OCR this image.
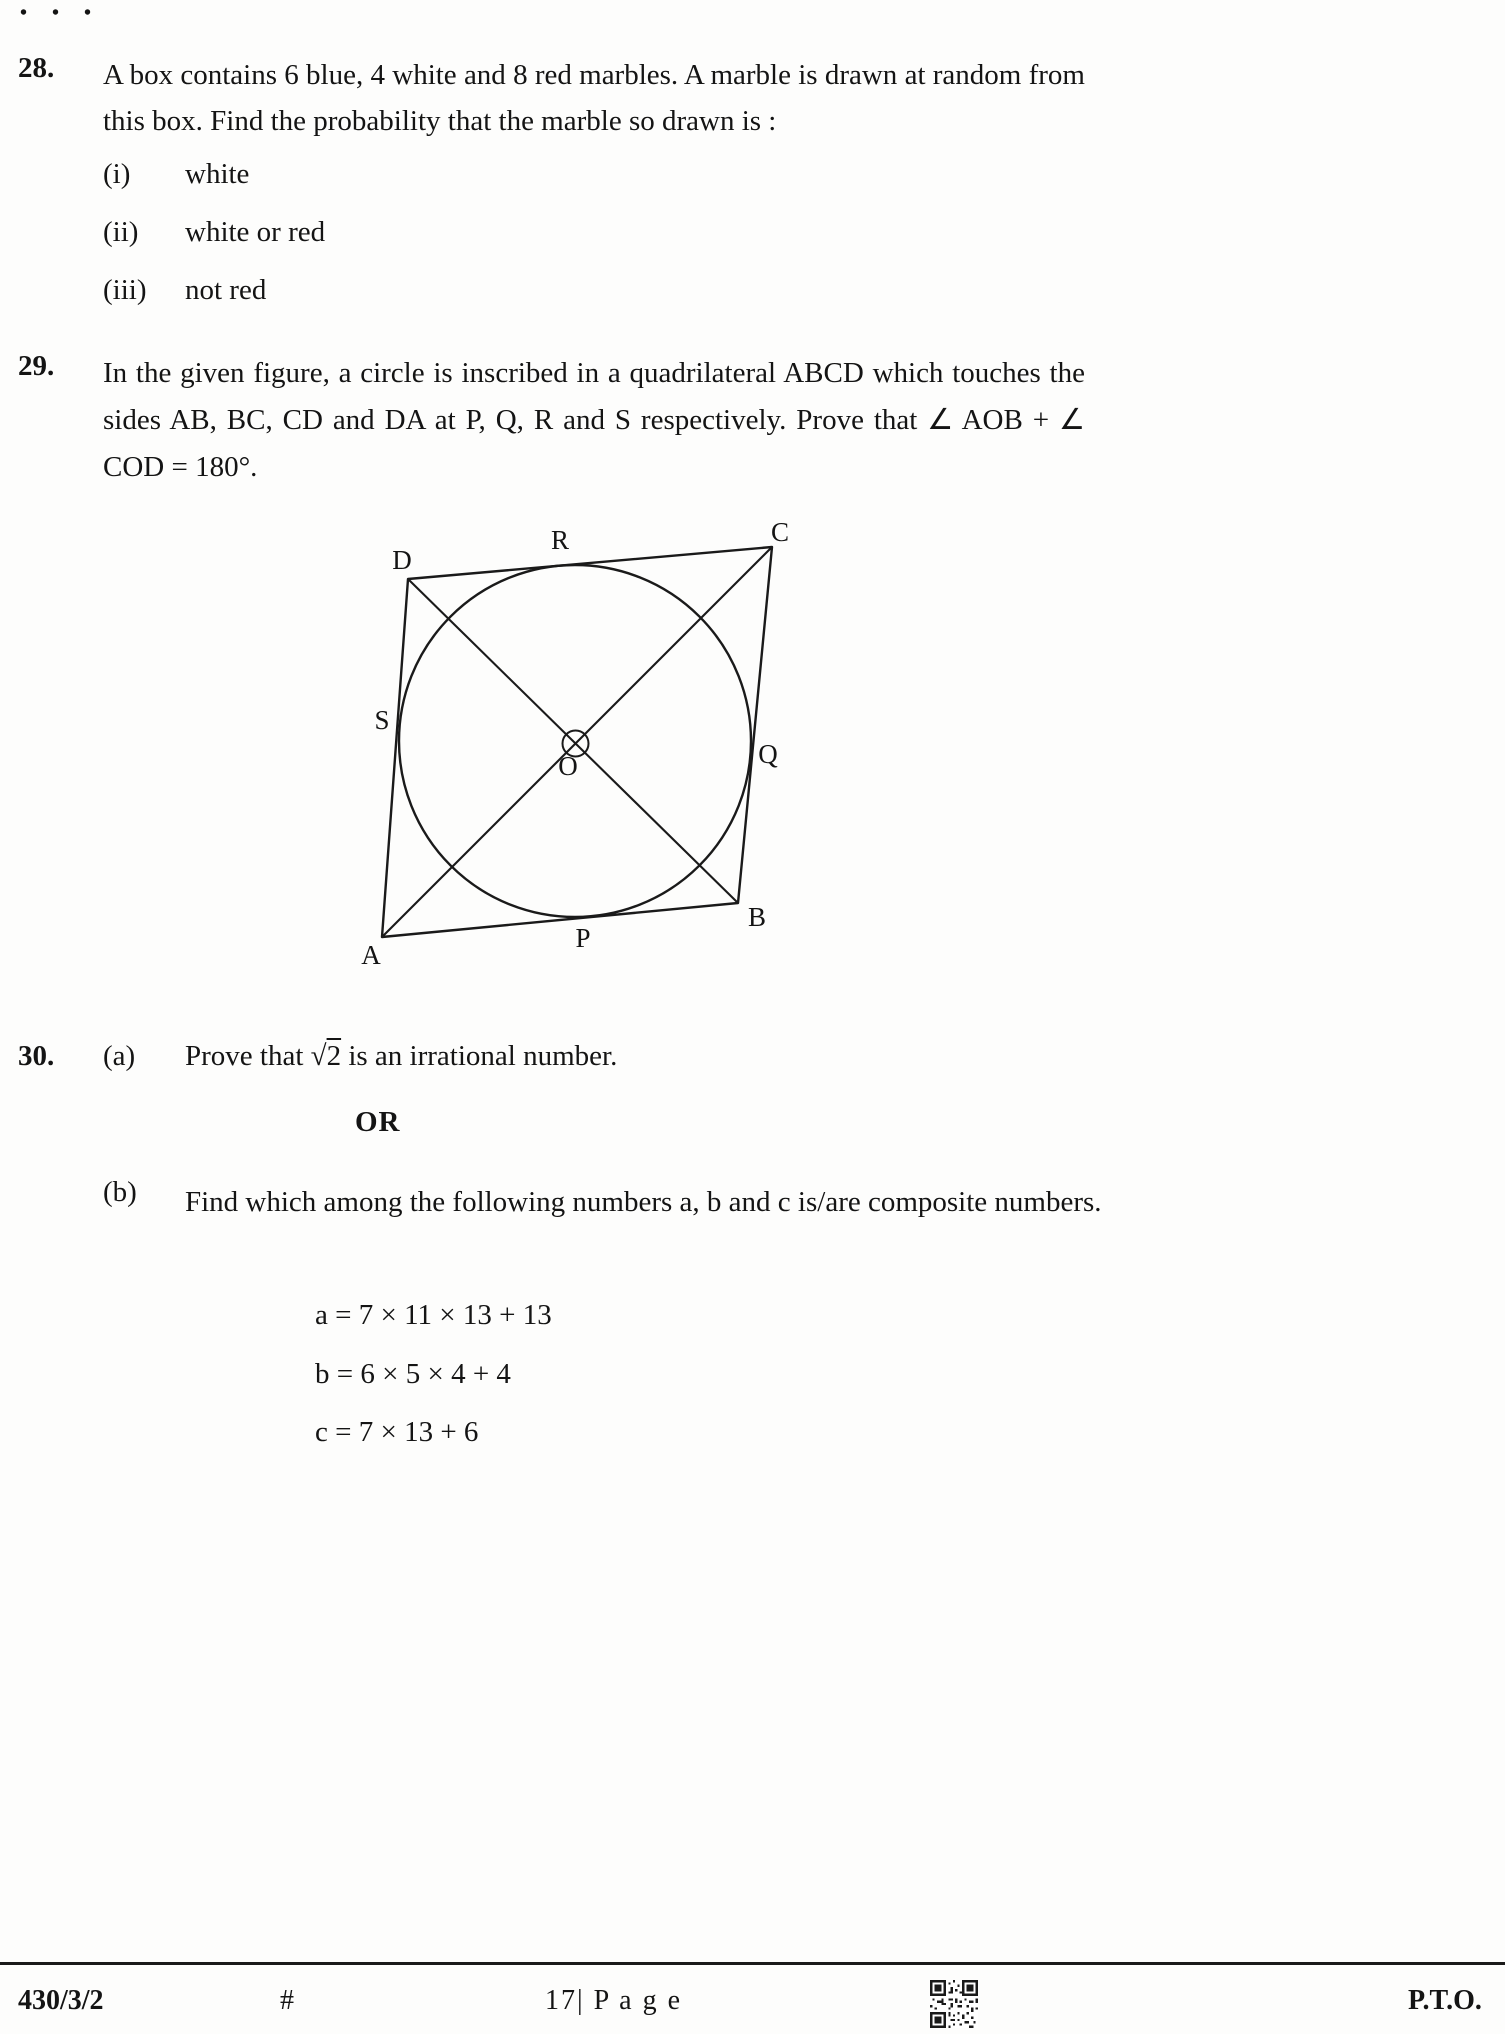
• • •
28. A box contains 6 blue, 4 white and 8 red marbles. A marble is drawn at random from this box. Find the probability that the marble so drawn is :
(i) white
(ii) white or red
(iii) not red
29. In the given figure, a circle is inscribed in a quadrilateral ABCD which touches the sides AB, BC, CD and DA at P, Q, R and S respectively. Prove that ∠ AOB + ∠ COD = 180°.
D
C
B
A
R
Q
P
S
O
30. (a) Prove that √2 is an irrational number.
OR
(b) Find which among the following numbers a, b and c is/are composite numbers.
a = 7 × 11 × 13 + 13
b = 6 × 5 × 4 + 4
c = 7 × 13 + 6
430/3/2	#	17| P a g e	P.T.O.
